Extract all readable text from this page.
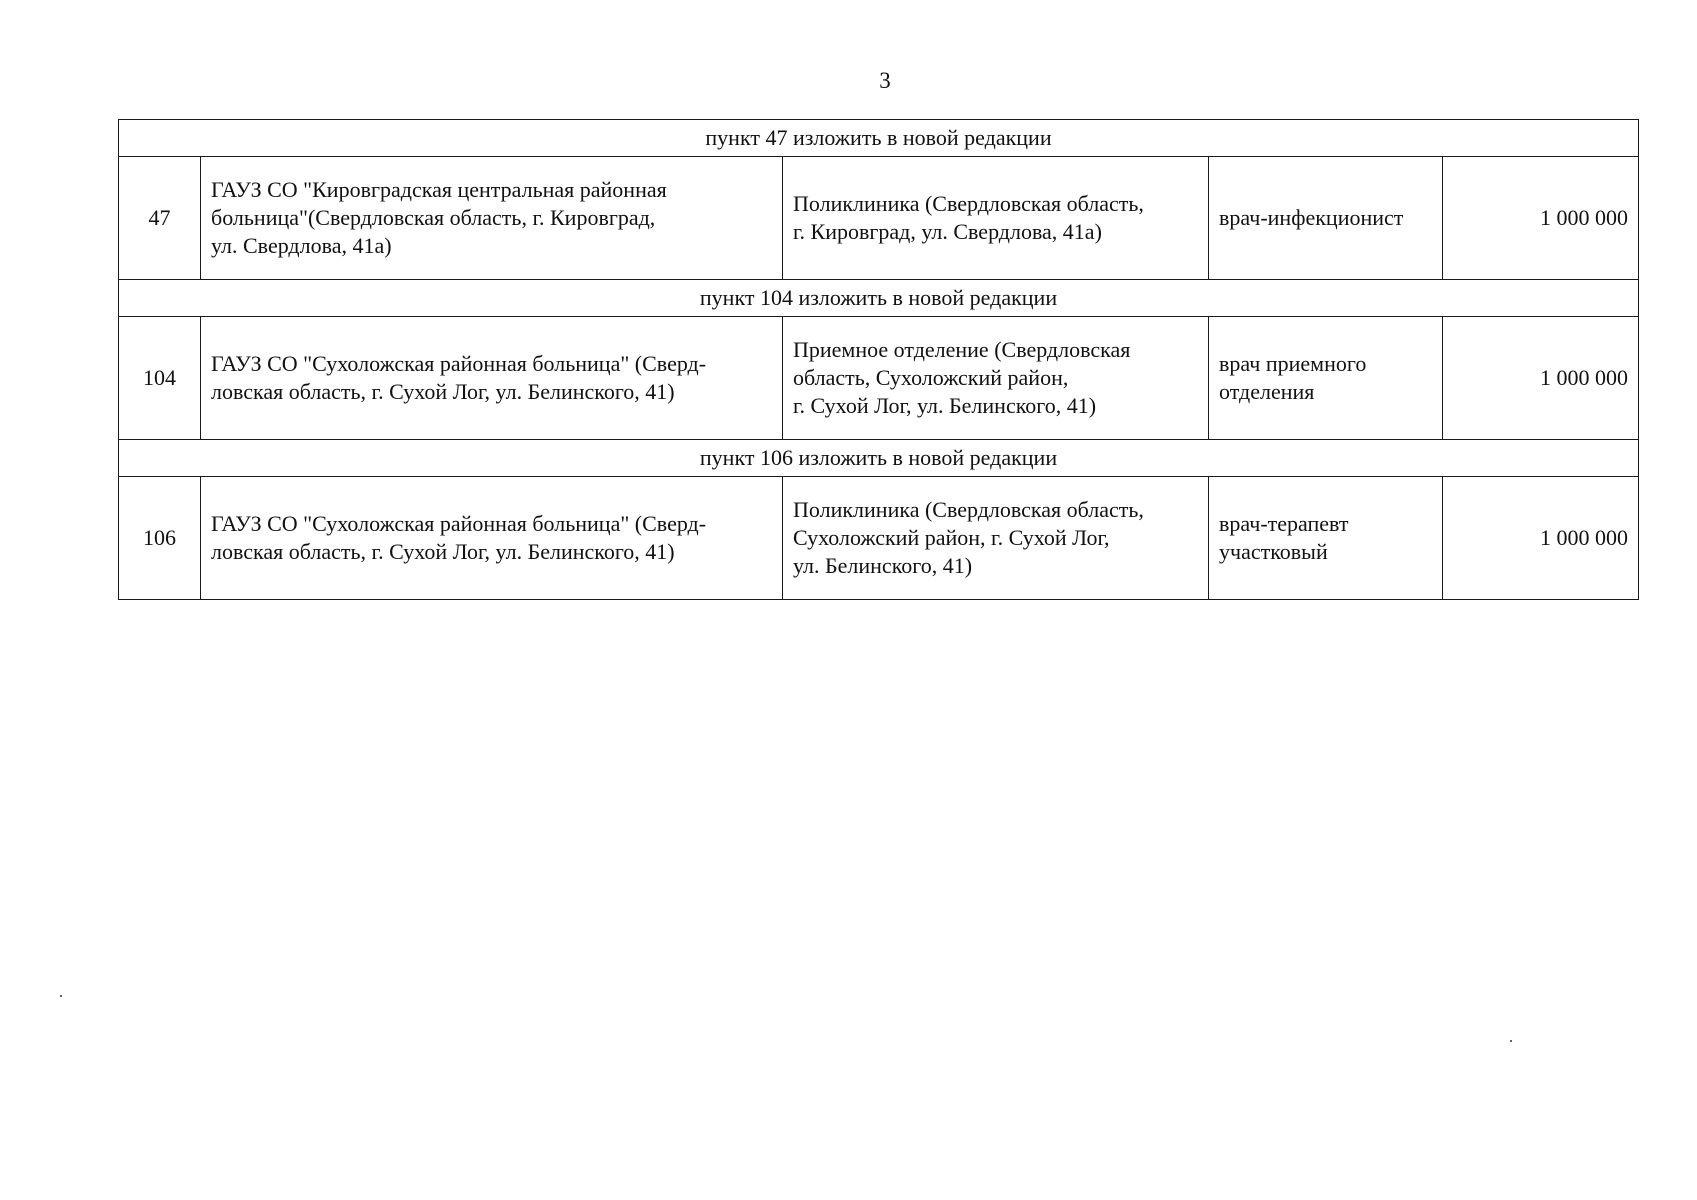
3
пункт 47 изложить в новой редакции				
47	ГАУЗ СО "Кировградская центральная районная
больница"(Свердловская область, г. Кировград,
ул. Свердлова, 41а)	Поликлиника (Свердловская область,
г. Кировград, ул. Свердлова, 41а)	врач-инфекционист	1 000 000
пункт 104 изложить в новой редакции				
104	ГАУЗ СО "Сухоложская районная больница" (Сверд-
ловская область, г. Сухой Лог, ул. Белинского, 41)	Приемное отделение (Свердловская
область, Сухоложский район,
г. Сухой Лог, ул. Белинского, 41)	врач приемного
отделения	1 000 000
пункт 106 изложить в новой редакции				
106	ГАУЗ СО "Сухоложская районная больница" (Сверд-
ловская область, г. Сухой Лог, ул. Белинского, 41)	Поликлиника (Свердловская область,
Сухоложский район, г. Сухой Лог,
ул. Белинского, 41)	врач-терапевт
участковый	1 000 000
